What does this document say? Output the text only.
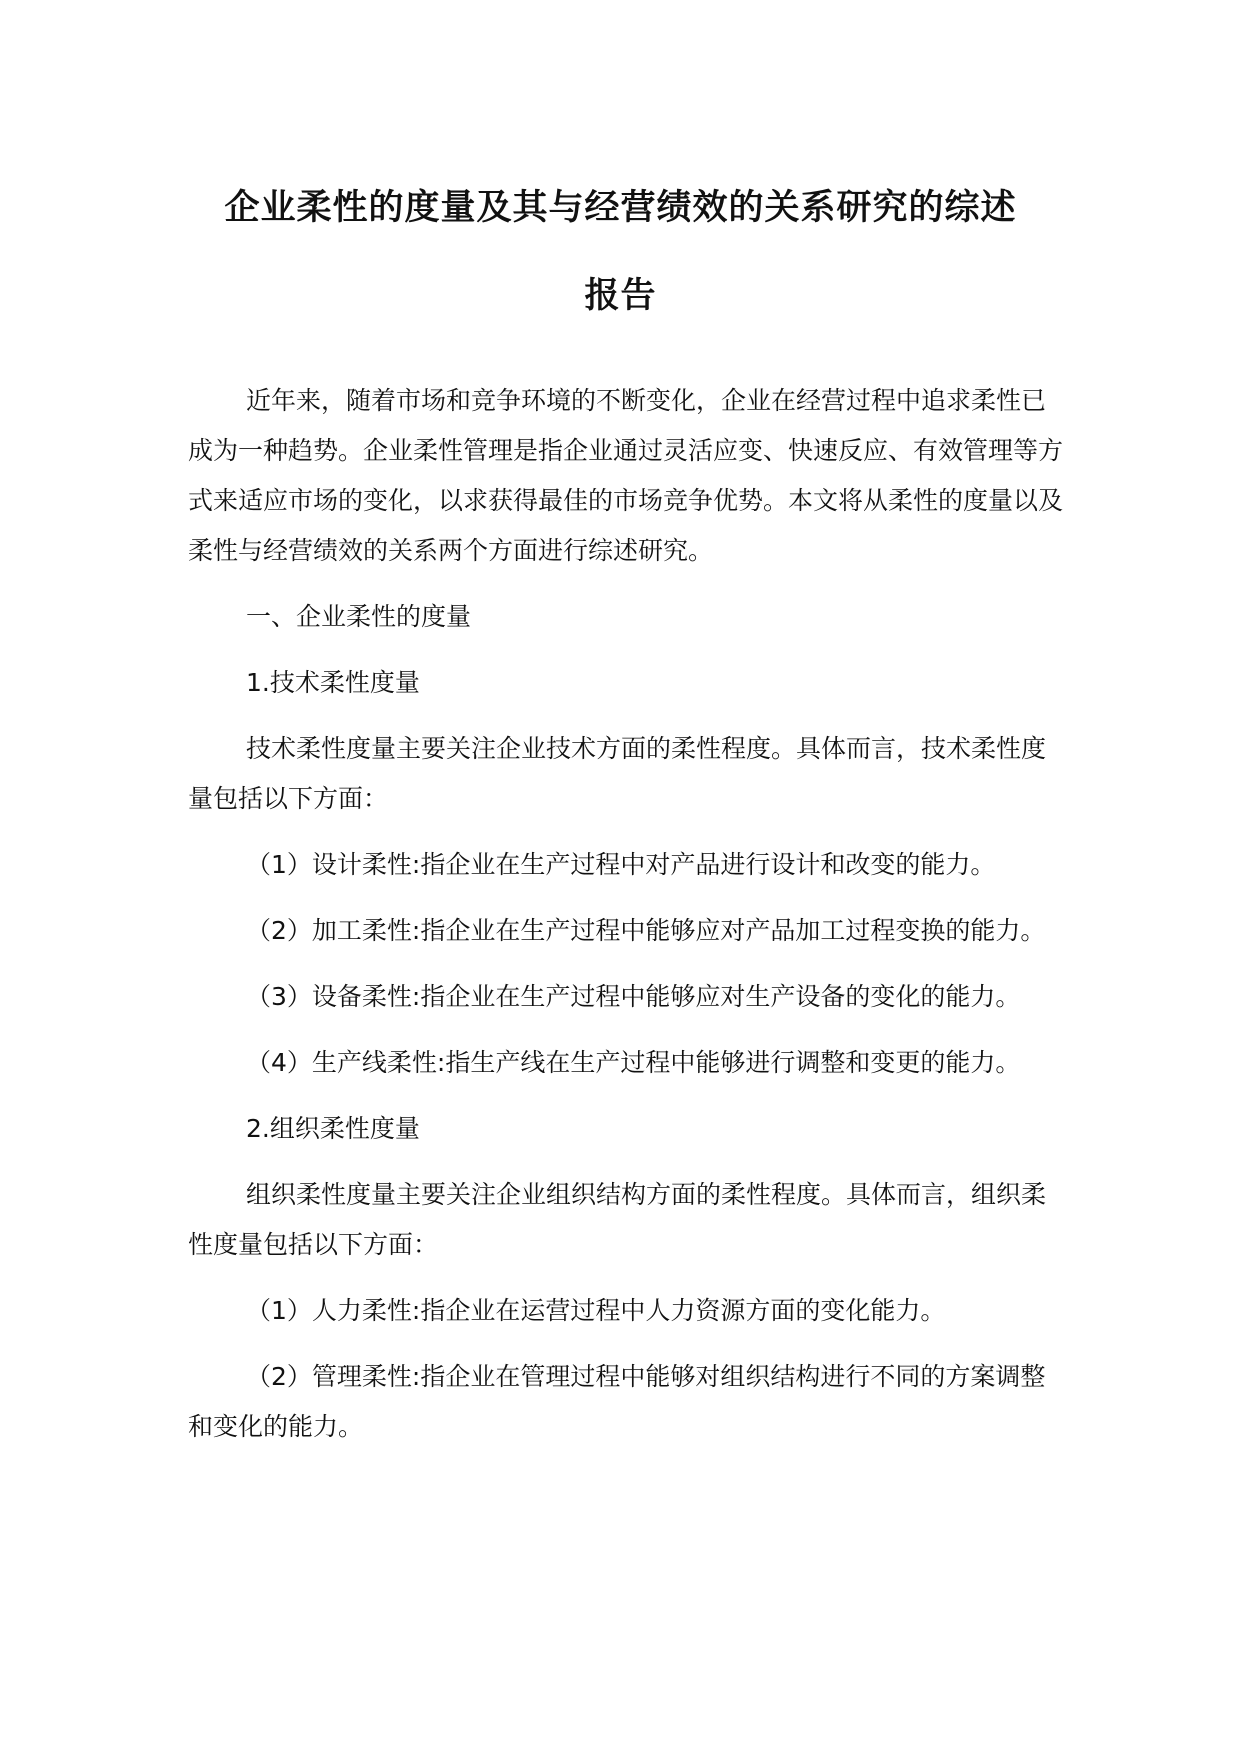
企业柔性的度量及其与经营绩效的关系研究的综述
报告

近年来，随着市场和竞争环境的不断变化，企业在经营过程中追求柔性已成为一种趋势。企业柔性管理是指企业通过灵活应变、快速反应、有效管理等方式来适应市场的变化，以求获得最佳的市场竞争优势。本文将从柔性的度量以及柔性与经营绩效的关系两个方面进行综述研究。

一、企业柔性的度量

1.技术柔性度量

技术柔性度量主要关注企业技术方面的柔性程度。具体而言，技术柔性度量包括以下方面：

（1）设计柔性:指企业在生产过程中对产品进行设计和改变的能力。

（2）加工柔性:指企业在生产过程中能够应对产品加工过程变换的能力。

（3）设备柔性:指企业在生产过程中能够应对生产设备的变化的能力。

（4）生产线柔性:指生产线在生产过程中能够进行调整和变更的能力。

2.组织柔性度量

组织柔性度量主要关注企业组织结构方面的柔性程度。具体而言，组织柔性度量包括以下方面：

（1）人力柔性:指企业在运营过程中人力资源方面的变化能力。

（2）管理柔性:指企业在管理过程中能够对组织结构进行不同的方案调整和变化的能力。
